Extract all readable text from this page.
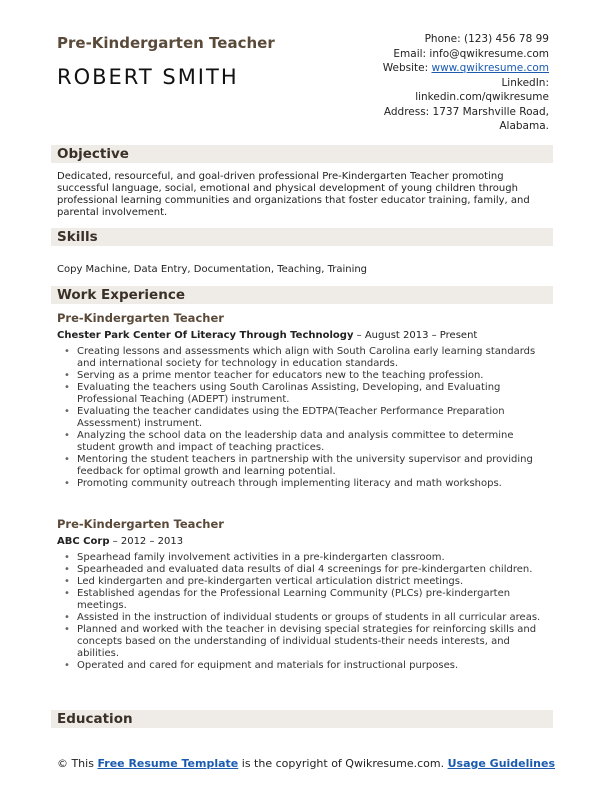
Pre-Kindergarten Teacher
ROBERT SMITH
Phone: (123) 456 78 99
Email: info@qwikresume.com
Website: www.qwikresume.com
LinkedIn:
linkedin.com/qwikresume
Address: 1737 Marshville Road,
Alabama.
Objective
Dedicated, resourceful, and goal-driven professional Pre-Kindergarten Teacher promoting successful language, social, emotional and physical development of young children through professional learning communities and organizations that foster educator training, family, and parental involvement.
Skills
Copy Machine, Data Entry, Documentation, Teaching, Training
Work Experience
Pre-Kindergarten Teacher
Chester Park Center Of Literacy Through Technology – August 2013 – Present
• Creating lessons and assessments which align with South Carolina early learning standards and international society for technology in education standards.
• Serving as a prime mentor teacher for educators new to the teaching profession.
• Evaluating the teachers using South Carolinas Assisting, Developing, and Evaluating Professional Teaching (ADEPT) instrument.
• Evaluating the teacher candidates using the EDTPA(Teacher Performance Preparation Assessment) instrument.
• Analyzing the school data on the leadership data and analysis committee to determine student growth and impact of teaching practices.
• Mentoring the student teachers in partnership with the university supervisor and providing feedback for optimal growth and learning potential.
• Promoting community outreach through implementing literacy and math workshops.
Pre-Kindergarten Teacher
ABC Corp – 2012 – 2013
• Spearhead family involvement activities in a pre-kindergarten classroom.
• Spearheaded and evaluated data results of dial 4 screenings for pre-kindergarten children.
• Led kindergarten and pre-kindergarten vertical articulation district meetings.
• Established agendas for the Professional Learning Community (PLCs) pre-kindergarten meetings.
• Assisted in the instruction of individual students or groups of students in all curricular areas.
• Planned and worked with the teacher in devising special strategies for reinforcing skills and concepts based on the understanding of individual students-their needs interests, and abilities.
• Operated and cared for equipment and materials for instructional purposes.
Education
© This Free Resume Template is the copyright of Qwikresume.com. Usage Guidelines
